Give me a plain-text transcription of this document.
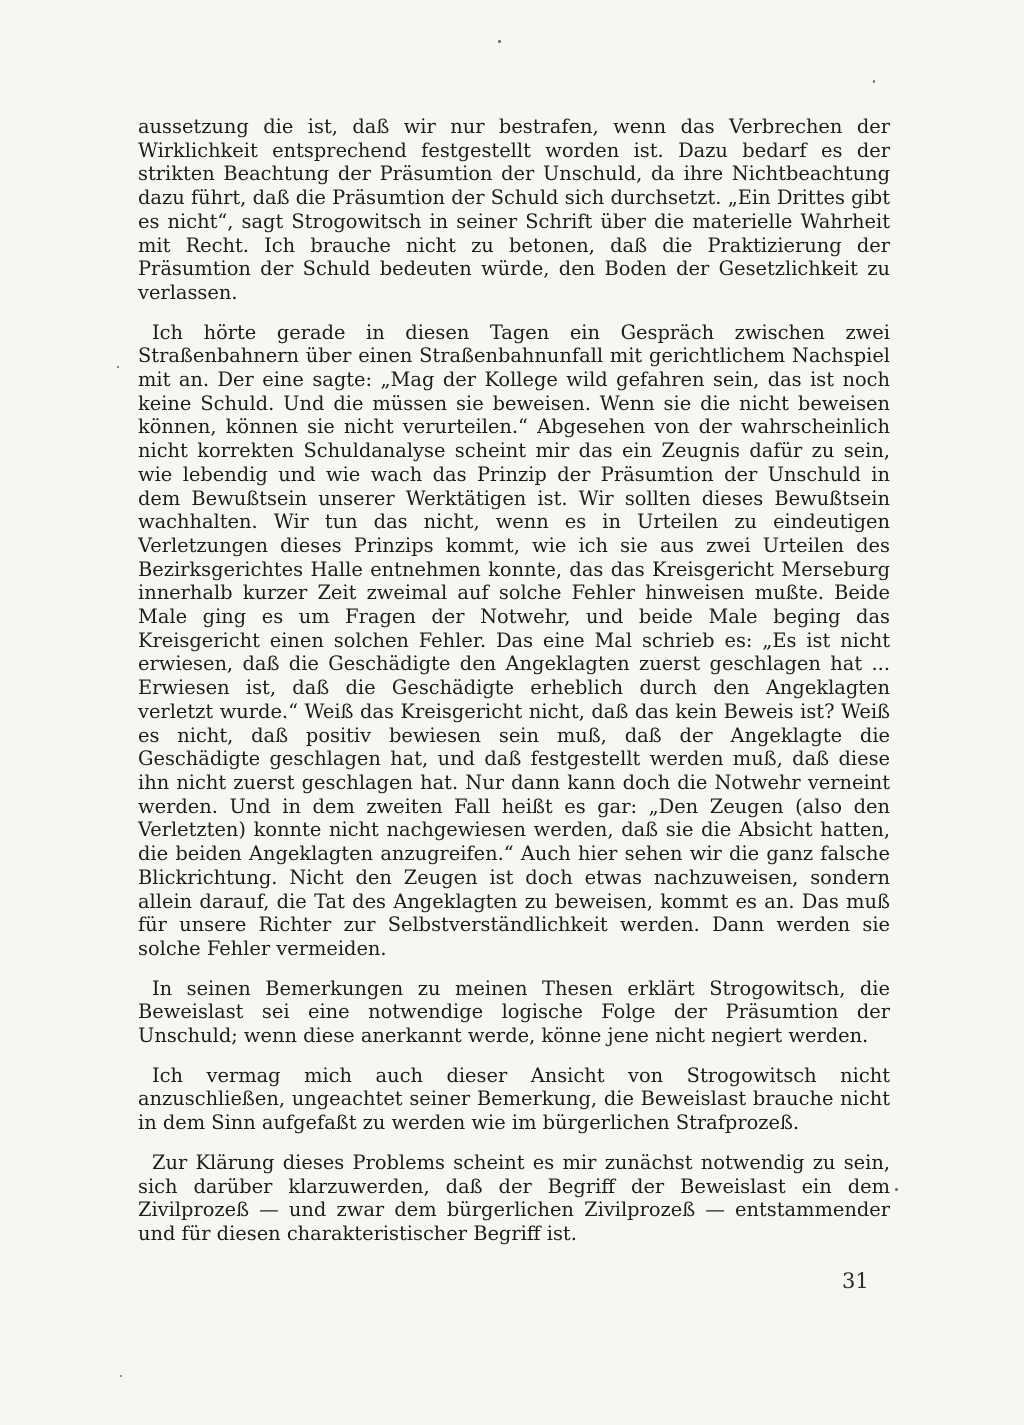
aussetzung die ist, daß wir nur bestrafen, wenn das Verbrechen der Wirklichkeit entsprechend festgestellt worden ist. Dazu bedarf es der strikten Beachtung der Präsumtion der Unschuld, da ihre Nichtbeachtung dazu führt, daß die Präsumtion der Schuld sich durchsetzt. „Ein Drittes gibt es nicht“, sagt Strogowitsch in seiner Schrift über die materielle Wahrheit mit Recht. Ich brauche nicht zu betonen, daß die Praktizierung der Präsumtion der Schuld bedeuten würde, den Boden der Gesetzlichkeit zu verlassen.

Ich hörte gerade in diesen Tagen ein Gespräch zwischen zwei Straßenbahnern über einen Straßenbahnunfall mit gerichtlichem Nachspiel mit an. Der eine sagte: „Mag der Kollege wild gefahren sein, das ist noch keine Schuld. Und die müssen sie beweisen. Wenn sie die nicht beweisen können, können sie nicht verurteilen.“ Abgesehen von der wahrscheinlich nicht korrekten Schuldanalyse scheint mir das ein Zeugnis dafür zu sein, wie lebendig und wie wach das Prinzip der Präsumtion der Unschuld in dem Bewußtsein unserer Werktätigen ist. Wir sollten dieses Bewußtsein wachhalten. Wir tun das nicht, wenn es in Urteilen zu eindeutigen Verletzungen dieses Prinzips kommt, wie ich sie aus zwei Urteilen des Bezirksgerichtes Halle entnehmen konnte, das das Kreisgericht Merseburg innerhalb kurzer Zeit zweimal auf solche Fehler hinweisen mußte. Beide Male ging es um Fragen der Notwehr, und beide Male beging das Kreisgericht einen solchen Fehler. Das eine Mal schrieb es: „Es ist nicht erwiesen, daß die Geschädigte den Angeklagten zuerst geschlagen hat ... Erwiesen ist, daß die Geschädigte erheblich durch den Angeklagten verletzt wurde.“ Weiß das Kreisgericht nicht, daß das kein Beweis ist? Weiß es nicht, daß positiv bewiesen sein muß, daß der Angeklagte die Geschädigte geschlagen hat, und daß festgestellt werden muß, daß diese ihn nicht zuerst geschlagen hat. Nur dann kann doch die Notwehr verneint werden. Und in dem zweiten Fall heißt es gar: „Den Zeugen (also den Verletzten) konnte nicht nachgewiesen werden, daß sie die Absicht hatten, die beiden Angeklagten anzugreifen.“ Auch hier sehen wir die ganz falsche Blickrichtung. Nicht den Zeugen ist doch etwas nachzuweisen, sondern allein darauf, die Tat des Angeklagten zu beweisen, kommt es an. Das muß für unsere Richter zur Selbstverständlichkeit werden. Dann werden sie solche Fehler vermeiden.

In seinen Bemerkungen zu meinen Thesen erklärt Strogowitsch, die Beweislast sei eine notwendige logische Folge der Präsumtion der Unschuld; wenn diese anerkannt werde, könne jene nicht negiert werden.

Ich vermag mich auch dieser Ansicht von Strogowitsch nicht anzuschließen, ungeachtet seiner Bemerkung, die Beweislast brauche nicht in dem Sinn aufgefaßt zu werden wie im bürgerlichen Strafprozeß.

Zur Klärung dieses Problems scheint es mir zunächst notwendig zu sein, sich darüber klarzuwerden, daß der Begriff der Beweislast ein dem Zivilprozeß — und zwar dem bürgerlichen Zivilprozeß — entstammender und für diesen charakteristischer Begriff ist.

31
